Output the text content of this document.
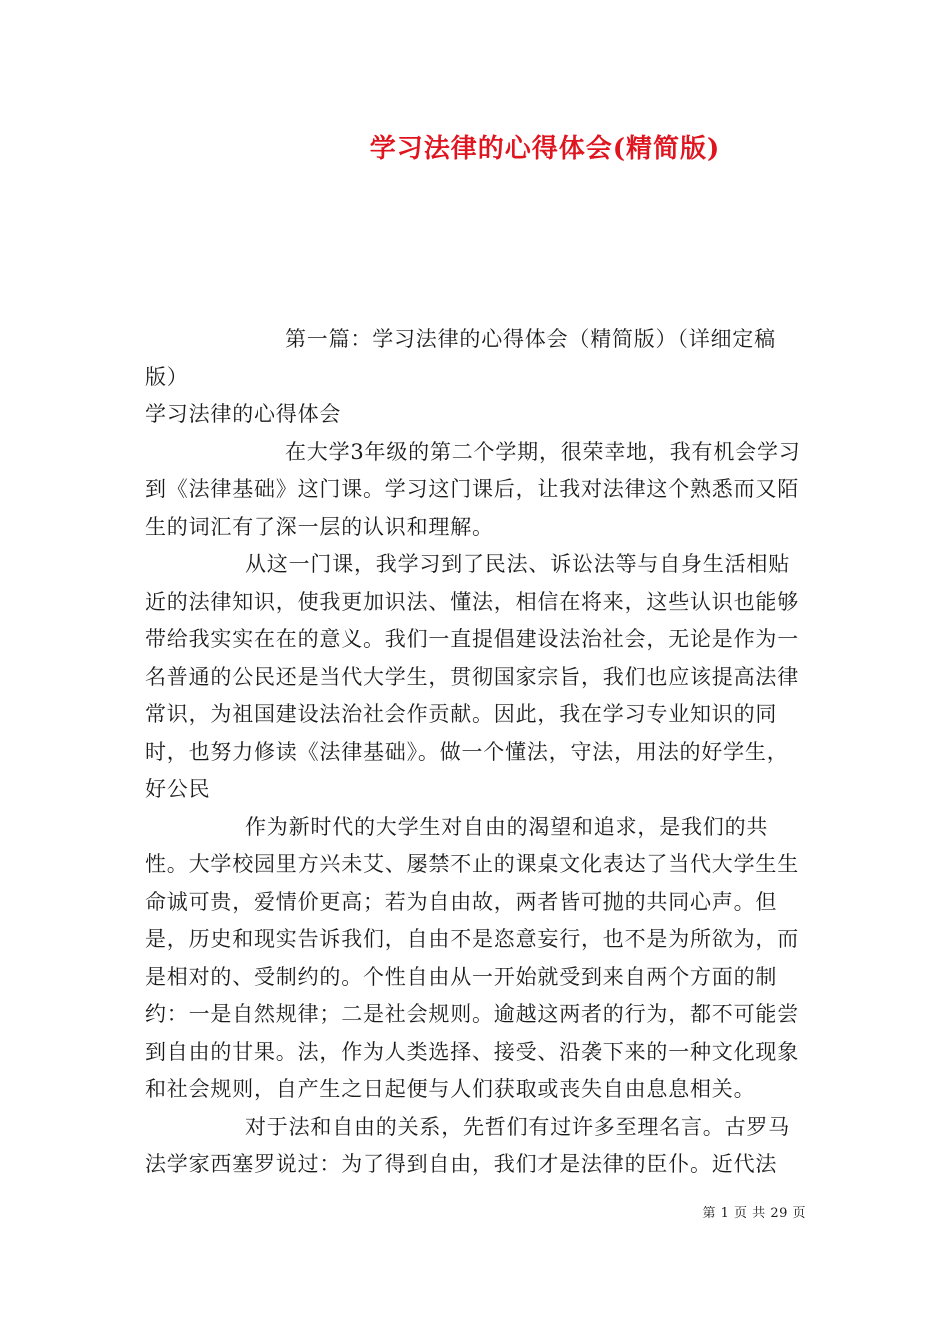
学习法律的心得体会(精简版)

第一篇：学习法律的心得体会（精简版）（详细定稿版）

学习法律的心得体会

在大学3年级的第二个学期，很荣幸地，我有机会学习到《法律基础》这门课。学习这门课后，让我对法律这个熟悉而又陌生的词汇有了深一层的认识和理解。

从这一门课，我学习到了民法、诉讼法等与自身生活相贴近的法律知识，使我更加识法、懂法，相信在将来，这些认识也能够带给我实实在在的意义。我们一直提倡建设法治社会，无论是作为一名普通的公民还是当代大学生，贯彻国家宗旨，我们也应该提高法律常识，为祖国建设法治社会作贡献。因此，我在学习专业知识的同时，也努力修读《法律基础》。做一个懂法，守法，用法的好学生，好公民

作为新时代的大学生对自由的渴望和追求，是我们的共性。大学校园里方兴未艾、屡禁不止的课桌文化表达了当代大学生生命诚可贵，爱情价更高；若为自由故，两者皆可抛的共同心声。但是，历史和现实告诉我们，自由不是恣意妄行，也不是为所欲为，而是相对的、受制约的。个性自由从一开始就受到来自两个方面的制约：一是自然规律；二是社会规则。逾越这两者的行为，都不可能尝到自由的甘果。法，作为人类选择、接受、沿袭下来的一种文化现象和社会规则，自产生之日起便与人们获取或丧失自由息息相关。

对于法和自由的关系，先哲们有过许多至理名言。古罗马法学家西塞罗说过：为了得到自由，我们才是法律的臣仆。近代法

第 1 页 共 29 页
